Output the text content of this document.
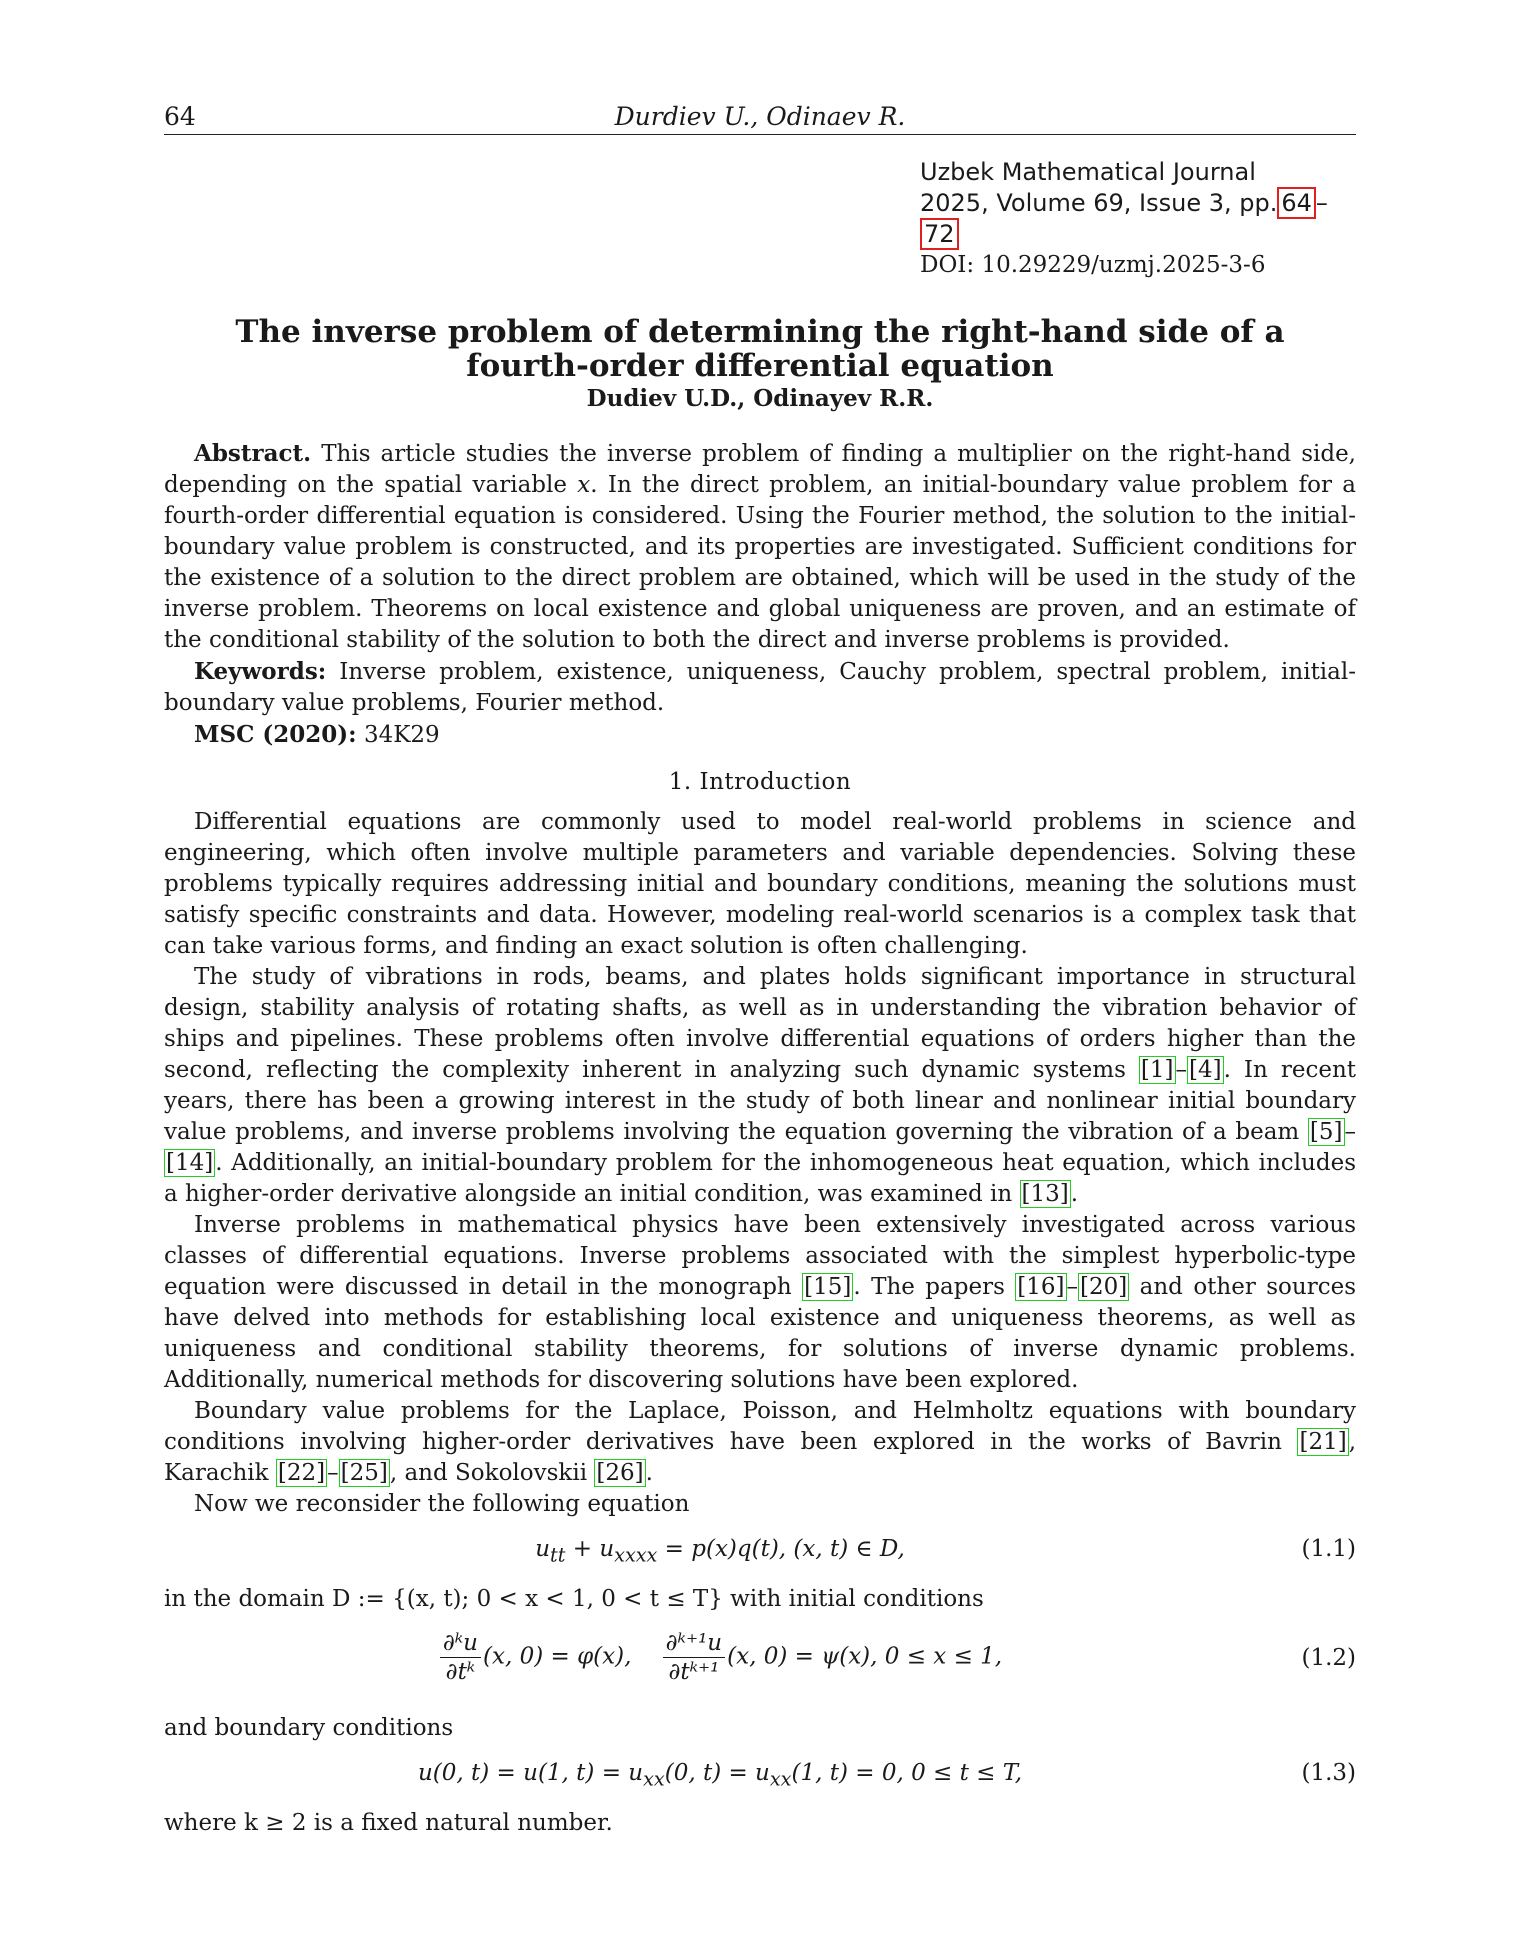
64	Durdiev U., Odinaev R.
Uzbek Mathematical Journal
2025, Volume 69, Issue 3, pp. 64 –72
DOI: 10.29229/uzmj.2025-3-6
The inverse problem of determining the right-hand side of a
fourth-order differential equation
Dudiev U.D., Odinayev R.R.

Abstract. This article studies the inverse problem of finding a multiplier on the right-hand side, depending on the spatial variable x. In the direct problem, an initial-boundary value problem for a fourth-order differential equation is considered. Using the Fourier method, the solution to the initial-boundary value problem is constructed, and its properties are investigated. Sufficient conditions for the existence of a solution to the direct problem are obtained, which will be used in the study of the inverse problem. Theorems on local existence and global uniqueness are proven, and an estimate of the conditional stability of the solution to both the direct and inverse problems is provided.

Keywords: Inverse problem, existence, uniqueness, Cauchy problem, spectral problem, initial-boundary value problems, Fourier method.

MSC (2020): 34K29

1. Introduction

Differential equations are commonly used to model real-world problems in science and engineering, which often involve multiple parameters and variable dependencies. Solving these problems typically requires addressing initial and boundary conditions, meaning the solutions must satisfy specific constraints and data. However, modeling real-world scenarios is a complex task that can take various forms, and finding an exact solution is often challenging.

The study of vibrations in rods, beams, and plates holds significant importance in structural design, stability analysis of rotating shafts, as well as in understanding the vibration behavior of ships and pipelines. These problems often involve differential equations of orders higher than the second, reflecting the complexity inherent in analyzing such dynamic systems [1]–[4]. In recent years, there has been a growing interest in the study of both linear and nonlinear initial boundary value problems, and inverse problems involving the equation governing the vibration of a beam [5]–[14]. Additionally, an initial-boundary problem for the inhomogeneous heat equation, which includes a higher-order derivative alongside an initial condition, was examined in [13].

Inverse problems in mathematical physics have been extensively investigated across various classes of differential equations. Inverse problems associated with the simplest hyperbolic-type equation were discussed in detail in the monograph [15]. The papers [16]–[20] and other sources have delved into methods for establishing local existence and uniqueness theorems, as well as uniqueness and conditional stability theorems, for solutions of inverse dynamic problems. Additionally, numerical methods for discovering solutions have been explored.

Boundary value problems for the Laplace, Poisson, and Helmholtz equations with boundary conditions involving higher-order derivatives have been explored in the works of Bavrin [21], Karachik [22]–[25], and Sokolovskii [26].

Now we reconsider the following equation

$u_{tt} + u_{xxxx} = p(x)q(t)$, (x, t) ∈ D,	(1.1)

in the domain D := {(x, t); 0 < x < 1, 0 < t ≤ T} with initial conditions

$\frac{\text{∂ᵏu}}{\text{∂tᵏ}} (x$, 0) = φ(x), $\frac{\text{∂ᵏ⁺¹u}}{\text{∂tᵏ⁺¹}} (x$, 0) = ψ(x), 0 ≤ x ≤ 1,	(1.2)

and boundary conditions

u(0, t) = u(1, $t) = u_{xx}(0$, $t) = u_{xx}(1$, t) = 0, 0 ≤ t ≤ T,	(1.3)

where k ≥ 2 is a fixed natural number.
